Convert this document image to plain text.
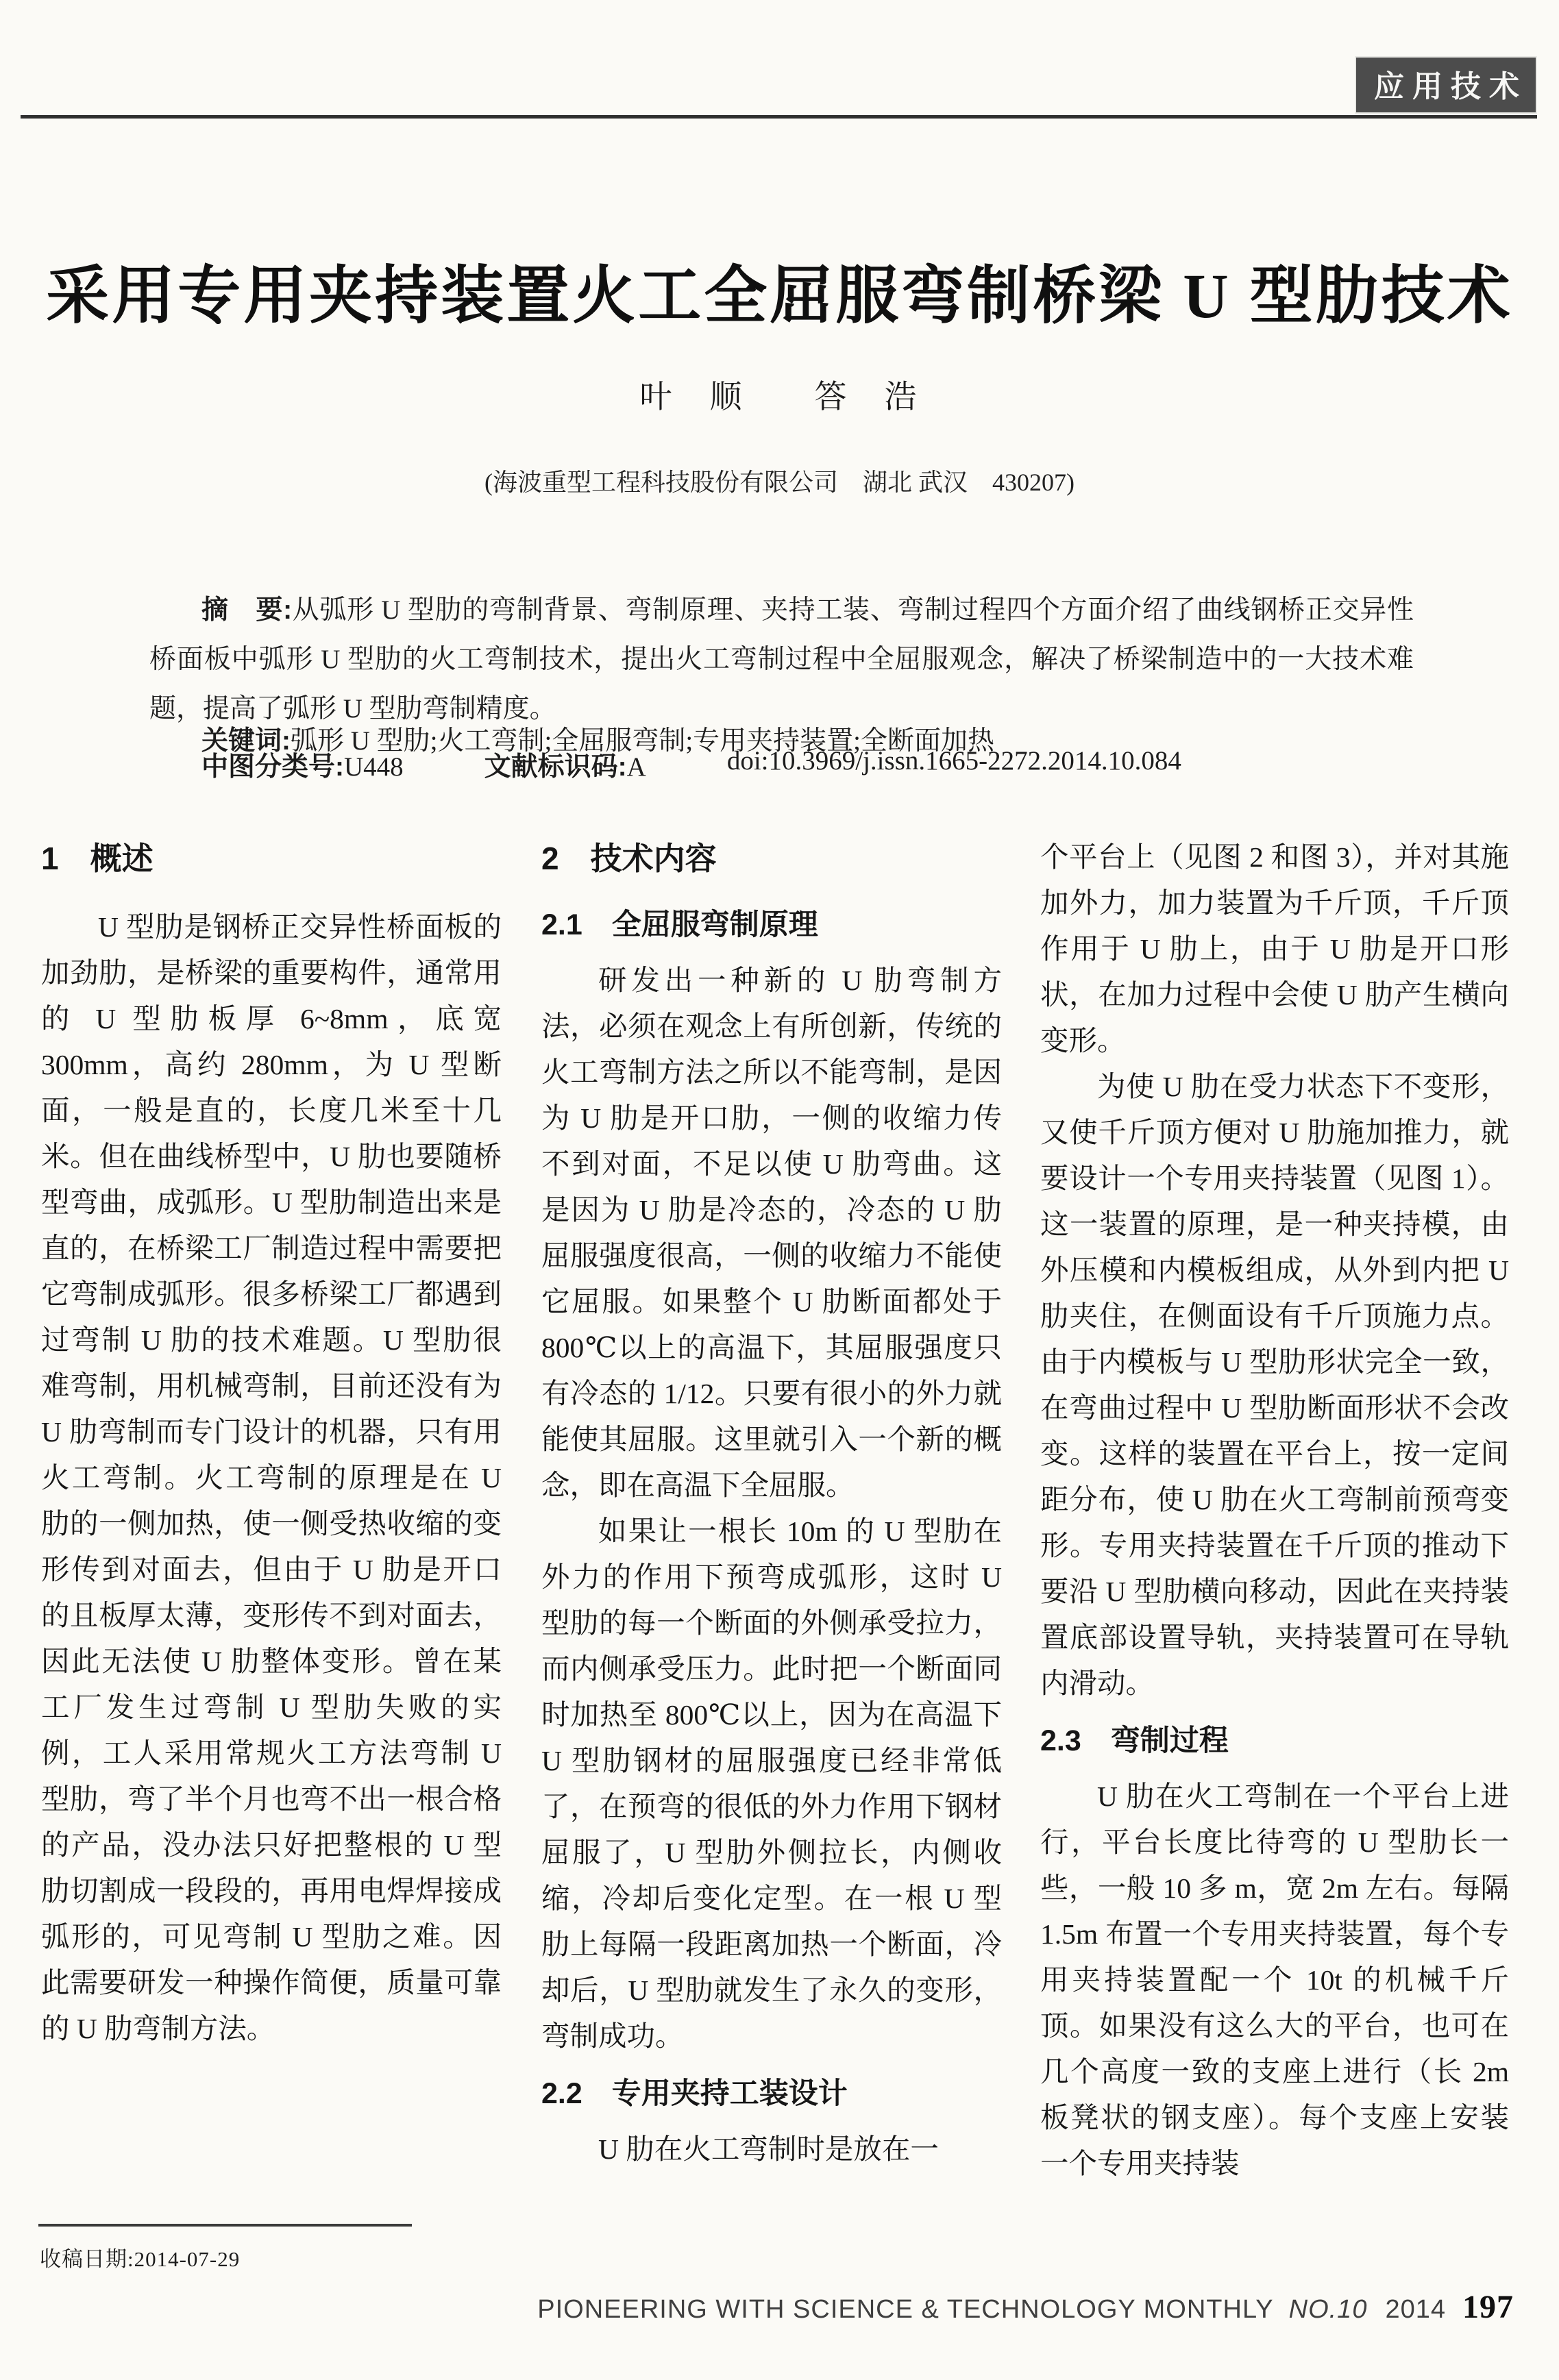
应用技术
采用专用夹持装置火工全屈服弯制桥梁 U 型肋技术
叶　顺　　答　浩
(海波重型工程科技股份有限公司　湖北 武汉　430207)

摘　要:从弧形 U 型肋的弯制背景、弯制原理、夹持工装、弯制过程四个方面介绍了曲线钢桥正交异性桥面板中弧形 U 型肋的火工弯制技术，提出火工弯制过程中全屈服观念，解决了桥梁制造中的一大技术难题，提高了弧形 U 型肋弯制精度。

关键词:弧形 U 型肋;火工弯制;全屈服弯制;专用夹持装置;全断面加热

中图分类号:U448	文献标识码:A	doi:10.3969/j.issn.1665-2272.2014.10.084
1　概述

U 型肋是钢桥正交异性桥面板的加劲肋，是桥梁的重要构件，通常用的 U 型肋板厚 6~8mm，底宽 300mm，高约 280mm，为 U 型断面，一般是直的，长度几米至十几米。但在曲线桥型中，U 肋也要随桥型弯曲，成弧形。U 型肋制造出来是直的，在桥梁工厂制造过程中需要把它弯制成弧形。很多桥梁工厂都遇到过弯制 U 肋的技术难题。U 型肋很难弯制，用机械弯制，目前还没有为 U 肋弯制而专门设计的机器，只有用火工弯制。火工弯制的原理是在 U 肋的一侧加热，使一侧受热收缩的变形传到对面去，但由于 U 肋是开口的且板厚太薄，变形传不到对面去，因此无法使 U 肋整体变形。曾在某工厂发生过弯制 U 型肋失败的实例，工人采用常规火工方法弯制 U 型肋，弯了半个月也弯不出一根合格的产品，没办法只好把整根的 U 型肋切割成一段段的，再用电焊焊接成弧形的，可见弯制 U 型肋之难。因此需要研发一种操作简便，质量可靠的 U 肋弯制方法。

2　技术内容
2.1　全屈服弯制原理

研发出一种新的 U 肋弯制方法，必须在观念上有所创新，传统的火工弯制方法之所以不能弯制，是因为 U 肋是开口肋，一侧的收缩力传不到对面，不足以使 U 肋弯曲。这是因为 U 肋是冷态的，冷态的 U 肋屈服强度很高，一侧的收缩力不能使它屈服。如果整个 U 肋断面都处于 800℃以上的高温下，其屈服强度只有冷态的 1/12。只要有很小的外力就能使其屈服。这里就引入一个新的概念，即在高温下全屈服。

如果让一根长 10m 的 U 型肋在外力的作用下预弯成弧形，这时 U 型肋的每一个断面的外侧承受拉力，而内侧承受压力。此时把一个断面同时加热至 800℃以上，因为在高温下 U 型肋钢材的屈服强度已经非常低了，在预弯的很低的外力作用下钢材屈服了，U 型肋外侧拉长，内侧收缩，冷却后变化定型。在一根 U 型肋上每隔一段距离加热一个断面，冷却后，U 型肋就发生了永久的变形，弯制成功。

2.2　专用夹持工装设计

U 肋在火工弯制时是放在一

个平台上（见图 2 和图 3），并对其施加外力，加力装置为千斤顶，千斤顶作用于 U 肋上，由于 U 肋是开口形状，在加力过程中会使 U 肋产生横向变形。

为使 U 肋在受力状态下不变形，又使千斤顶方便对 U 肋施加推力，就要设计一个专用夹持装置（见图 1）。这一装置的原理，是一种夹持模，由外压模和内模板组成，从外到内把 U 肋夹住，在侧面设有千斤顶施力点。由于内模板与 U 型肋形状完全一致，在弯曲过程中 U 型肋断面形状不会改变。这样的装置在平台上，按一定间距分布，使 U 肋在火工弯制前预弯变形。专用夹持装置在千斤顶的推动下要沿 U 型肋横向移动，因此在夹持装置底部设置导轨，夹持装置可在导轨内滑动。

2.3　弯制过程

U 肋在火工弯制在一个平台上进行，平台长度比待弯的 U 型肋长一些，一般 10 多 m，宽 2m 左右。每隔 1.5m 布置一个专用夹持装置，每个专用夹持装置配一个 10t 的机械千斤顶。如果没有这么大的平台，也可在几个高度一致的支座上进行（长 2m 板凳状的钢支座）。每个支座上安装一个专用夹持装

收稿日期:2014-07-29
PIONEERING WITH SCIENCE & TECHNOLOGY MONTHLY NO.10 2014 197
